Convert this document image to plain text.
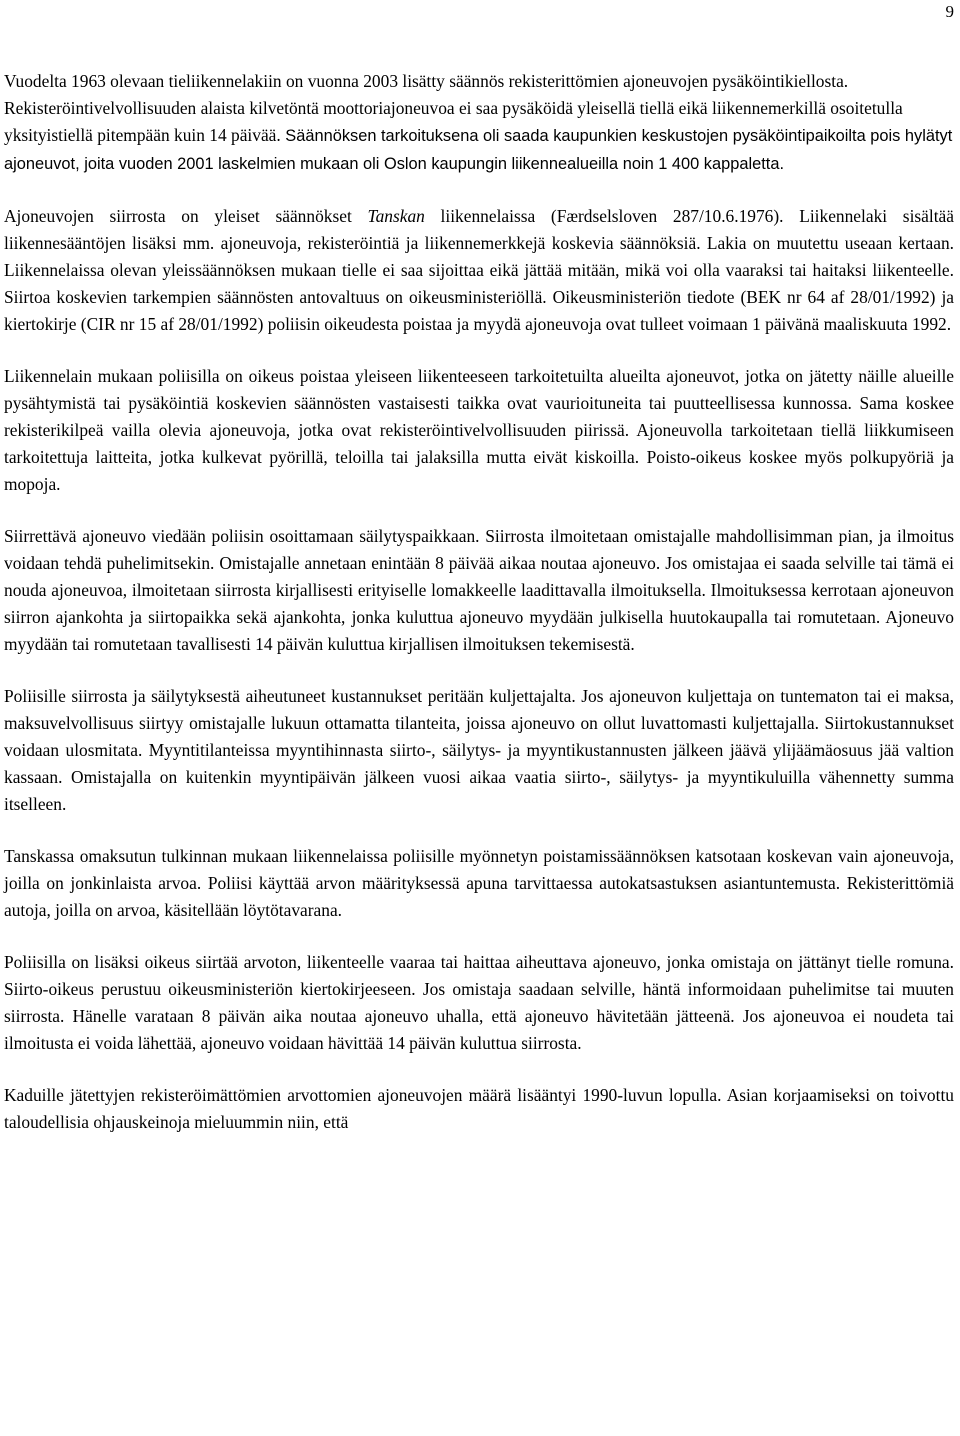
9

Vuodelta 1963 olevaan tieliikennelakiin on vuonna 2003 lisätty säännös rekisterittömien ajoneuvojen pysäköintikiellosta. Rekisteröintivelvollisuuden alaista kilvetöntä moottoriajoneuvoa ei saa pysäköidä yleisellä tiellä eikä liikennemerkillä osoitetulla yksityistiellä pitempään kuin 14 päivää. Säännöksen tarkoituksena oli saada kaupunkien keskustojen pysäköintipaikoilta pois hylätyt ajoneuvot, joita vuoden 2001 laskelmien mukaan oli Oslon kaupungin liikennealueilla noin 1 400 kappaletta.

Ajoneuvojen siirrosta on yleiset säännökset Tanskan liikennelaissa (Færdselsloven 287/10.6.1976). Liikennelaki sisältää liikennesääntöjen lisäksi mm. ajoneuvoja, rekisteröintiä ja liikennemerkkejä koskevia säännöksiä. Lakia on muutettu useaan kertaan. Liikennelaissa olevan yleissäännöksen mukaan tielle ei saa sijoittaa eikä jättää mitään, mikä voi olla vaaraksi tai haitaksi liikenteelle. Siirtoa koskevien tarkempien säännösten antovaltuus on oikeusministeriöllä. Oikeusministeriön tiedote (BEK nr 64 af 28/01/1992) ja kiertokirje (CIR nr 15 af 28/01/1992) poliisin oikeudesta poistaa ja myydä ajoneuvoja ovat tulleet voimaan 1 päivänä maaliskuuta 1992.

Liikennelain mukaan poliisilla on oikeus poistaa yleiseen liikenteeseen tarkoitetuilta alueilta ajoneuvot, jotka on jätetty näille alueille pysähtymistä tai pysäköintiä koskevien säännösten vastaisesti taikka ovat vaurioituneita tai puutteellisessa kunnossa. Sama koskee rekisterikilpeä vailla olevia ajoneuvoja, jotka ovat rekisteröintivelvollisuuden piirissä. Ajoneuvolla tarkoitetaan tiellä liikkumiseen tarkoitettuja laitteita, jotka kulkevat pyörillä, teloilla tai jalaksilla mutta eivät kiskoilla. Poisto-oikeus koskee myös polkupyöriä ja mopoja.

Siirrettävä ajoneuvo viedään poliisin osoittamaan säilytyspaikkaan. Siirrosta ilmoitetaan omistajalle mahdollisimman pian, ja ilmoitus voidaan tehdä puhelimitsekin. Omistajalle annetaan enintään 8 päivää aikaa noutaa ajoneuvo. Jos omistajaa ei saada selville tai tämä ei nouda ajoneuvoa, ilmoitetaan siirrosta kirjallisesti erityiselle lomakkeelle laadittavalla ilmoituksella. Ilmoituksessa kerrotaan ajoneuvon siirron ajankohta ja siirtopaikka sekä ajankohta, jonka kuluttua ajoneuvo myydään julkisella huutokaupalla tai romutetaan. Ajoneuvo myydään tai romutetaan tavallisesti 14 päivän kuluttua kirjallisen ilmoituksen tekemisestä.

Poliisille siirrosta ja säilytyksestä aiheutuneet kustannukset peritään kuljettajalta. Jos ajoneuvon kuljettaja on tuntematon tai ei maksa, maksuvelvollisuus siirtyy omistajalle lukuun ottamatta tilanteita, joissa ajoneuvo on ollut luvattomasti kuljettajalla. Siirtokustannukset voidaan ulosmitata. Myyntitilanteissa myyntihinnasta siirto-, säilytys- ja myyntikustannusten jälkeen jäävä ylijäämäosuus jää valtion kassaan. Omistajalla on kuitenkin myyntipäivän jälkeen vuosi aikaa vaatia siirto-, säilytys- ja myyntikuluilla vähennetty summa itselleen.

Tanskassa omaksutun tulkinnan mukaan liikennelaissa poliisille myönnetyn poistamissäännöksen katsotaan koskevan vain ajoneuvoja, joilla on jonkinlaista arvoa. Poliisi käyttää arvon määrityksessä apuna tarvittaessa autokatsastuksen asiantuntemusta. Rekisterittömiä autoja, joilla on arvoa, käsitellään löytötavarana.

Poliisilla on lisäksi oikeus siirtää arvoton, liikenteelle vaaraa tai haittaa aiheuttava ajoneuvo, jonka omistaja on jättänyt tielle romuna. Siirto-oikeus perustuu oikeusministeriön kiertokirjeeseen. Jos omistaja saadaan selville, häntä informoidaan puhelimitse tai muuten siirrosta. Hänelle varataan 8 päivän aika noutaa ajoneuvo uhalla, että ajoneuvo hävitetään jätteenä. Jos ajoneuvoa ei noudeta tai ilmoitusta ei voida lähettää, ajoneuvo voidaan hävittää 14 päivän kuluttua siirrosta.

Kaduille jätettyjen rekisteröimättömien arvottomien ajoneuvojen määrä lisääntyi 1990-luvun lopulla. Asian korjaamiseksi on toivottu taloudellisia ohjauskeinoja mieluummin niin, että
